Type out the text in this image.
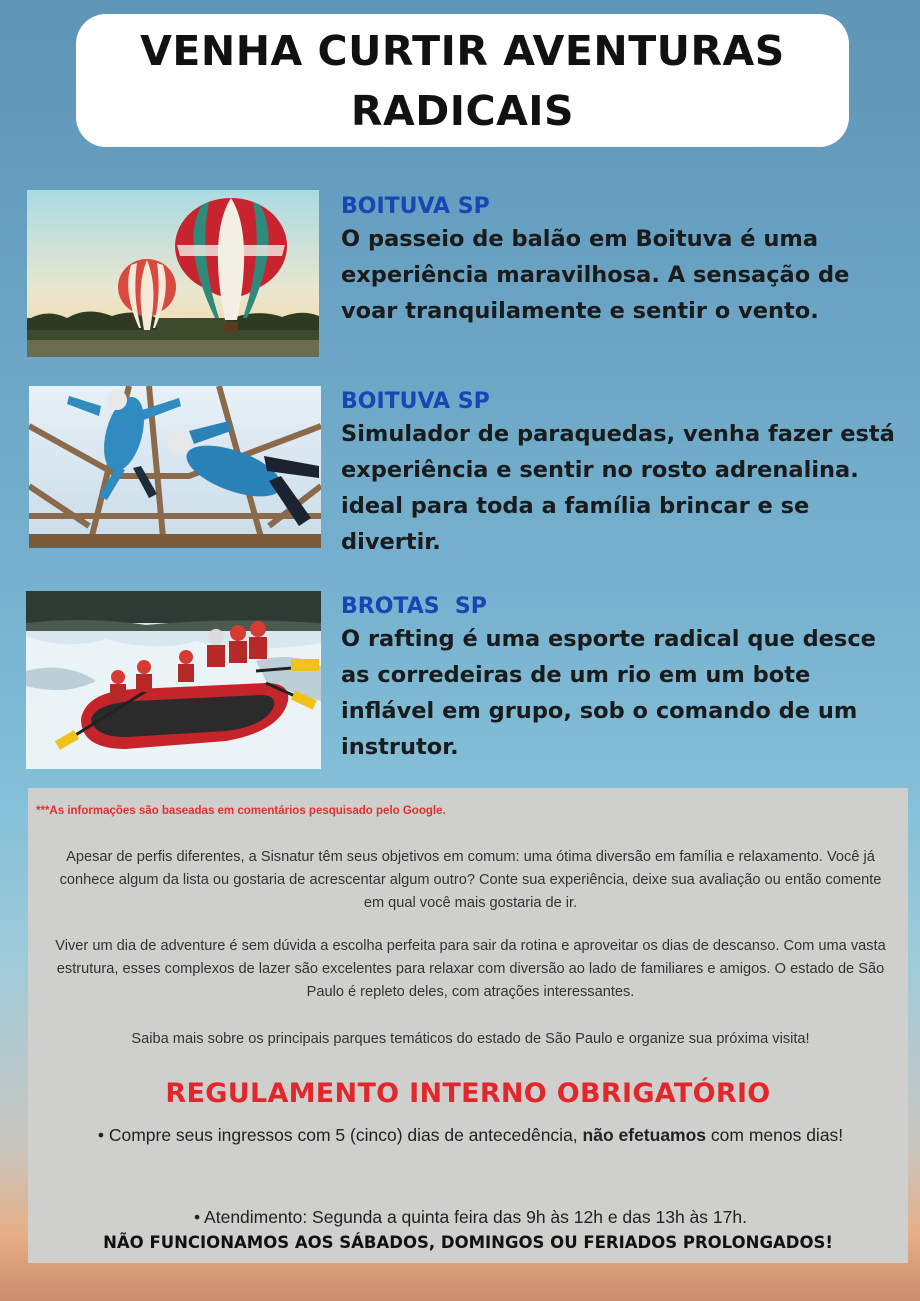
VENHA CURTIR AVENTURAS
RADICAIS
BOITUVA SP
O passeio de balão em Boituva é uma experiência maravilhosa. A sensação de voar tranquilamente e sentir o vento.
BOITUVA SP
Simulador de paraquedas, venha fazer está experiência e sentir no rosto adrenalina. ideal para toda a família brincar e se divertir.
BROTAS  SP
O rafting é uma esporte radical que desce as corredeiras de um rio em um bote inflável em grupo, sob o comando de um instrutor.
***As informações são baseadas em comentários pesquisado pelo Google.
Apesar de perfis diferentes, a Sisnatur têm seus objetivos em comum: uma ótima diversão em família e relaxamento. Você já conhece algum da lista ou gostaria de acrescentar algum outro? Conte sua experiência, deixe sua avaliação ou então comente em qual você mais gostaria de ir.
Viver um dia de adventure é sem dúvida a escolha perfeita para sair da rotina e aproveitar os dias de descanso. Com uma vasta estrutura, esses complexos de lazer são excelentes para relaxar com diversão ao lado de familiares e amigos. O estado de São Paulo é repleto deles, com atrações interessantes.
Saiba mais sobre os principais parques temáticos do estado de São Paulo e organize sua próxima visita!
REGULAMENTO INTERNO OBRIGATÓRIO
• Compre seus ingressos com 5 (cinco) dias de antecedência, não efetuamos com menos dias!
• Atendimento: Segunda a quinta feira das 9h às 12h e das 13h às 17h.
NÃO FUNCIONAMOS AOS SÁBADOS, DOMINGOS OU FERIADOS PROLONGADOS!
